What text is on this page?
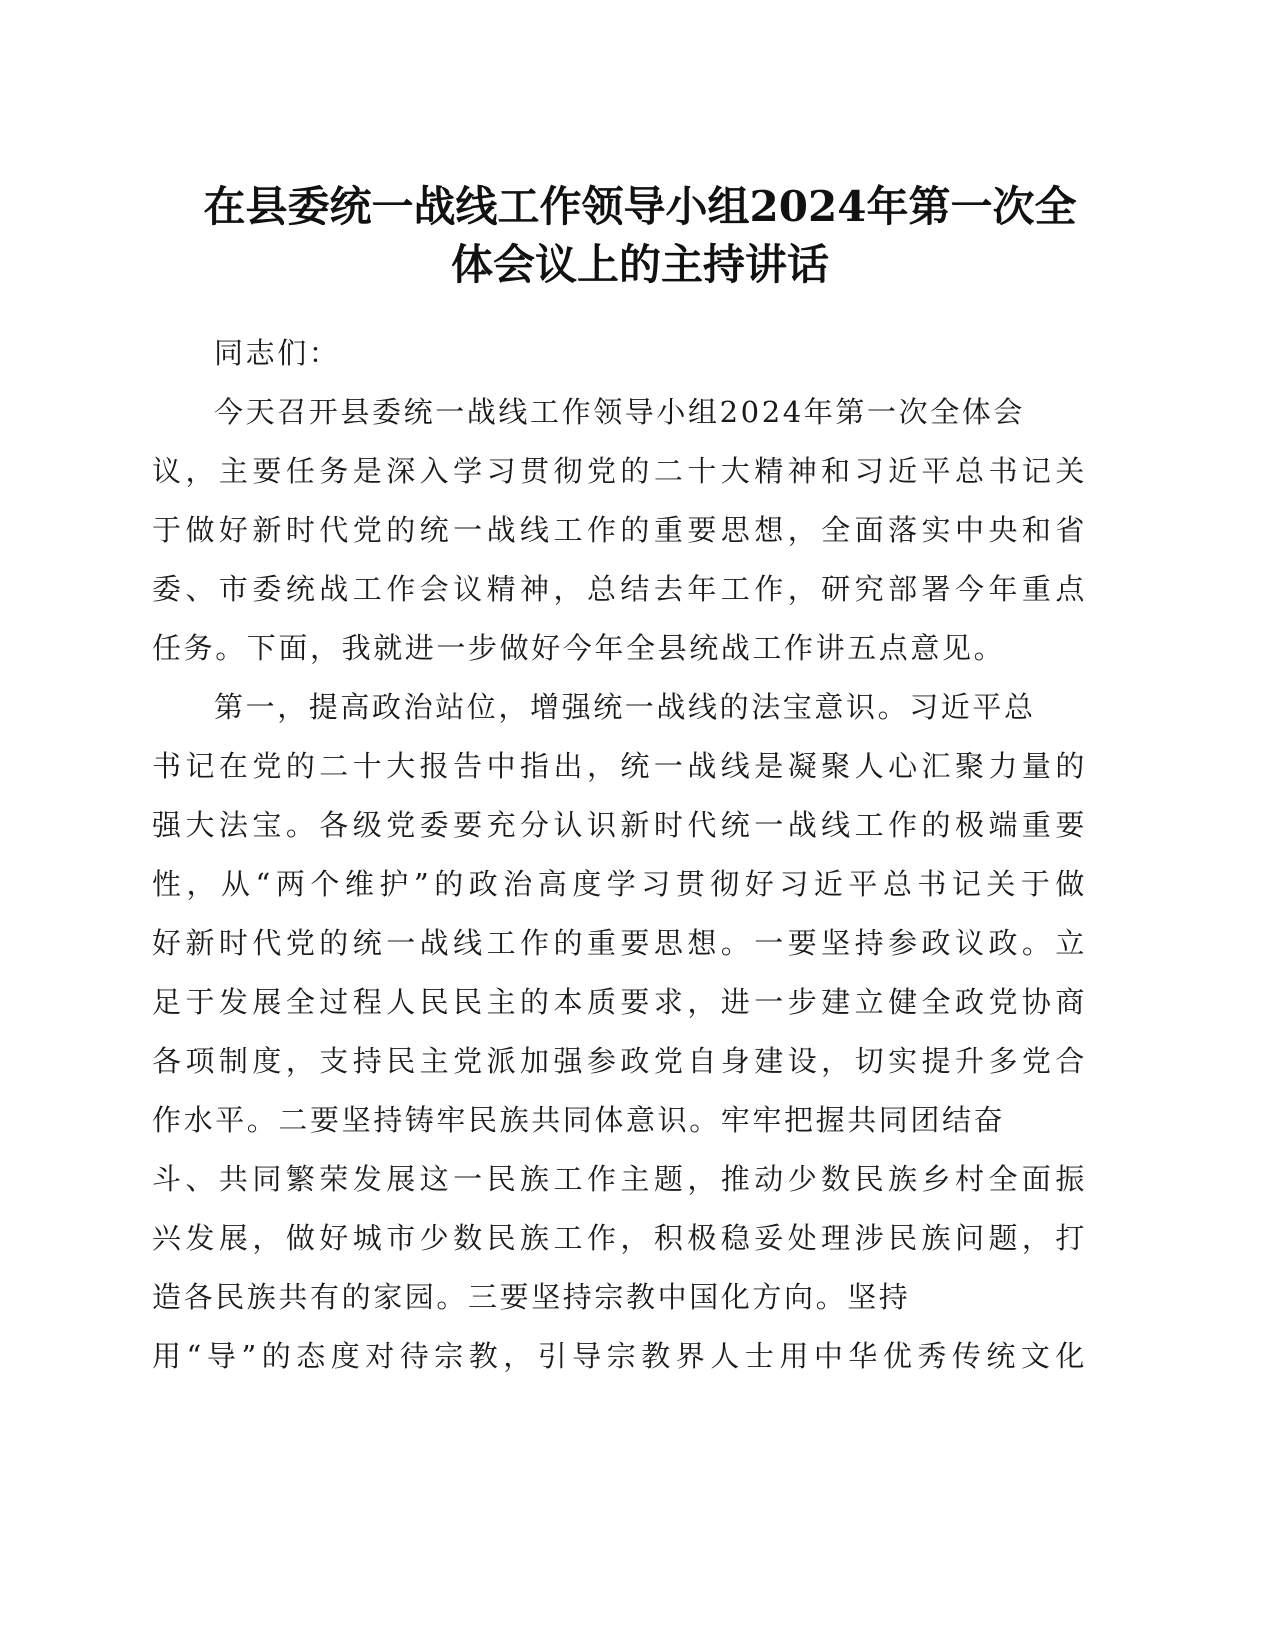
在县委统一战线工作领导小组2024年第一次全
体会议上的主持讲话
同志们：
今天召开县委统一战线工作领导小组2024年第一次全体会
议，主要任务是深入学习贯彻党的二十大精神和习近平总书记关
于做好新时代党的统一战线工作的重要思想，全面落实中央和省
委、市委统战工作会议精神，总结去年工作，研究部署今年重点
任务。下面，我就进一步做好今年全县统战工作讲五点意见。
第一，提高政治站位，增强统一战线的法宝意识。习近平总
书记在党的二十大报告中指出，统一战线是凝聚人心汇聚力量的
强大法宝。各级党委要充分认识新时代统一战线工作的极端重要
性，从“两个维护”的政治高度学习贯彻好习近平总书记关于做
好新时代党的统一战线工作的重要思想。一要坚持参政议政。立
足于发展全过程人民民主的本质要求，进一步建立健全政党协商
各项制度，支持民主党派加强参政党自身建设，切实提升多党合
作水平。二要坚持铸牢民族共同体意识。牢牢把握共同团结奋
斗、共同繁荣发展这一民族工作主题，推动少数民族乡村全面振
兴发展，做好城市少数民族工作，积极稳妥处理涉民族问题，打
造各民族共有的家园。三要坚持宗教中国化方向。坚持
用“导”的态度对待宗教，引导宗教界人士用中华优秀传统文化
